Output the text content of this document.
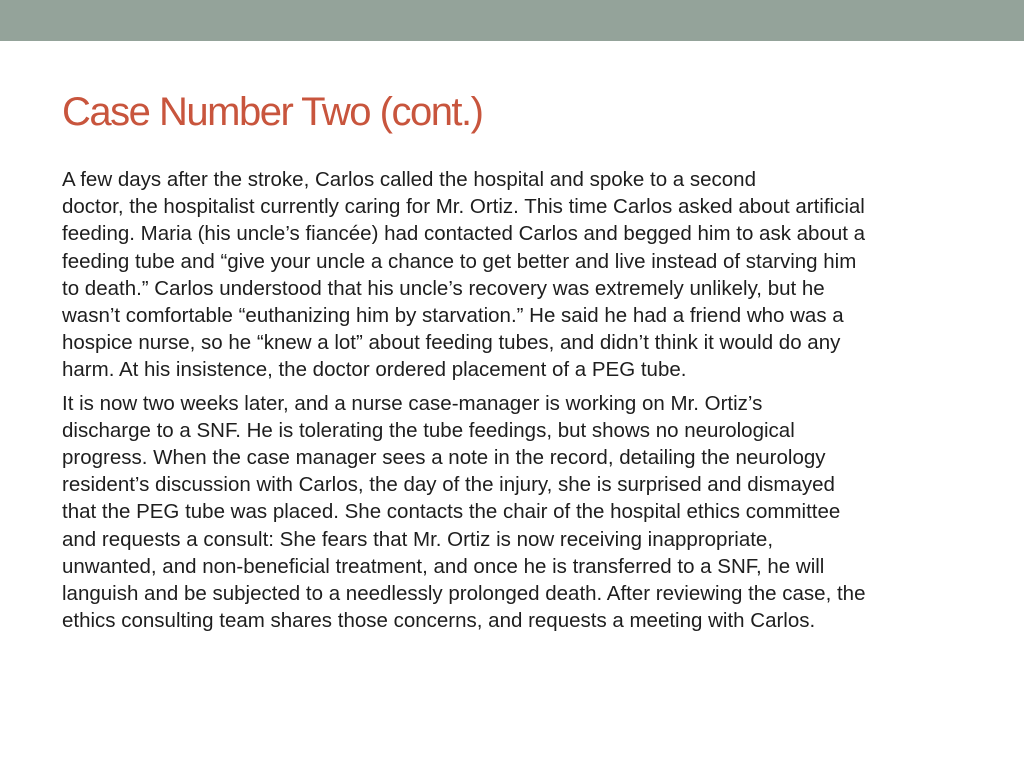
Case Number Two (cont.)

A few days after the stroke, Carlos called the hospital and spoke to a second
doctor, the hospitalist currently caring for Mr. Ortiz. This time Carlos asked about artificial
feeding. Maria (his uncle’s fiancée) had contacted Carlos and begged him to ask about a
feeding tube and “give your uncle a chance to get better and live instead of starving him
to death.” Carlos understood that his uncle’s recovery was extremely unlikely, but he
wasn’t comfortable “euthanizing him by starvation.” He said he had a friend who was a
hospice nurse, so he “knew a lot” about feeding tubes, and didn’t think it would do any
harm. At his insistence, the doctor ordered placement of a PEG tube.

It is now two weeks later, and a nurse case-manager is working on Mr. Ortiz’s
discharge to a SNF. He is tolerating the tube feedings, but shows no neurological
progress. When the case manager sees a note in the record, detailing the neurology
resident’s discussion with Carlos, the day of the injury, she is surprised and dismayed
that the PEG tube was placed. She contacts the chair of the hospital ethics committee
and requests a consult: She fears that Mr. Ortiz is now receiving inappropriate,
unwanted, and non-beneficial treatment, and once he is transferred to a SNF, he will
languish and be subjected to a needlessly prolonged death. After reviewing the case, the
ethics consulting team shares those concerns, and requests a meeting with Carlos.
